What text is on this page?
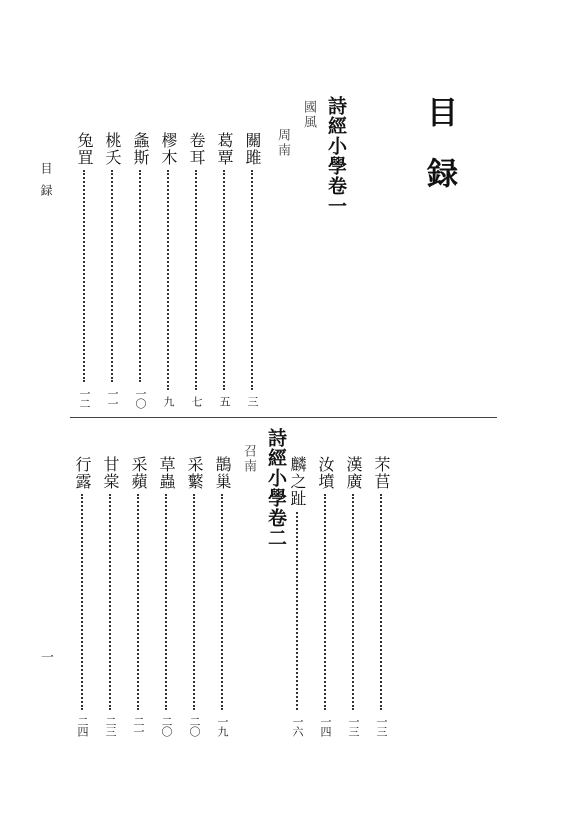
目録
詩經小學卷一
國風
周南
關雎
三
葛覃
五
卷耳
七
樛木
九
螽斯
一〇
桃夭
一一
兔罝
一二
目録
一
芣苢
一三
漢廣
一三
汝墳
一四
麟之趾
一六
詩經小學卷二
召南
鵲巢
一九
采蘩
二〇
草蟲
二〇
采蘋
二一
甘棠
二三
行露
二四
